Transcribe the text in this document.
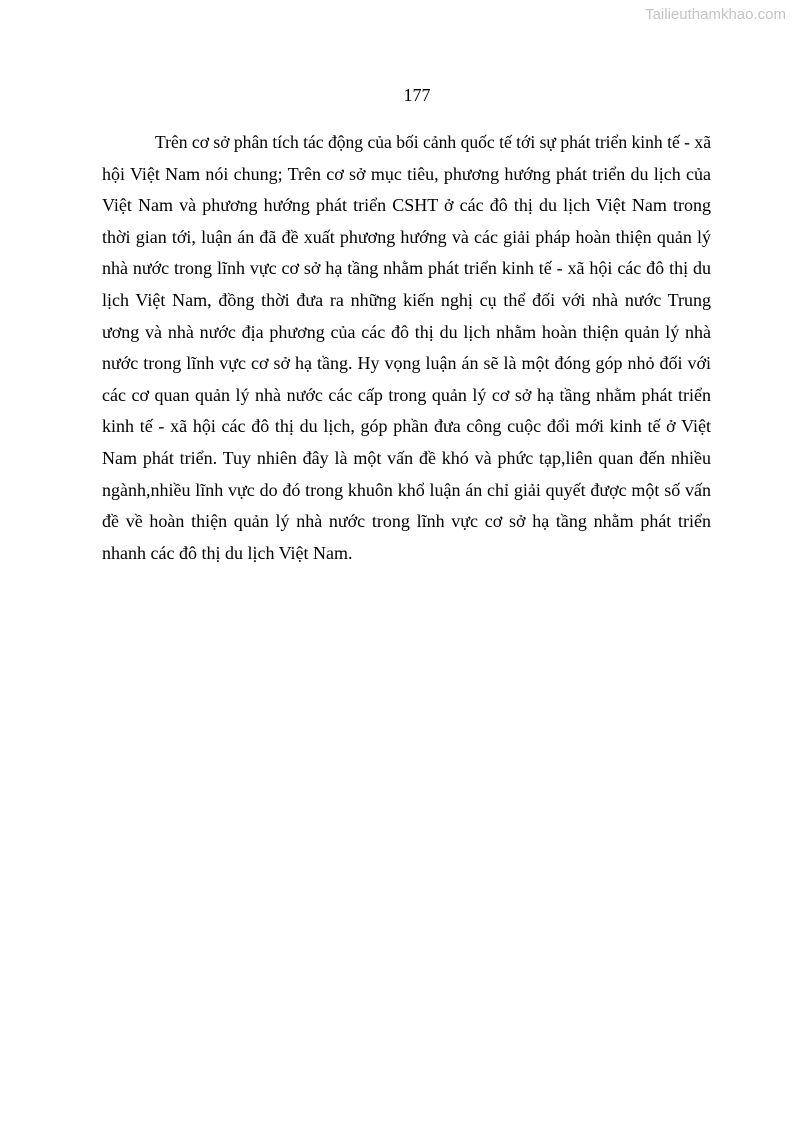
Tailieuthamkhao.com
177
Trên cơ sở phân tích tác động của bối cảnh quốc tế tới sự phát triển kinh tế - xã
hội Việt Nam nói chung; Trên cơ sở mục tiêu, phương hướng phát triển du lịch của
Việt Nam và phương hướng phát triển CSHT ở các đô thị du lịch Việt Nam trong
thời gian tới, luận án đã đề xuất phương hướng và các giải pháp hoàn thiện quản lý
nhà nước trong lĩnh vực cơ sở hạ tầng nhằm phát triển kinh tế - xã hội các đô thị du
lịch Việt Nam, đồng thời đưa ra những kiến nghị cụ thể đối với nhà nước Trung
ương và nhà nước địa phương của các đô thị du lịch nhằm hoàn thiện quản lý nhà
nước trong lĩnh vực cơ sở hạ tầng. Hy vọng luận án sẽ là một đóng góp nhỏ đối với
các cơ quan quản lý nhà nước các cấp trong quản lý cơ sở hạ tầng nhằm phát triển
kinh tế - xã hội các đô thị du lịch, góp phần đưa công cuộc đổi mới kinh tế ở Việt
Nam phát triển. Tuy nhiên đây là một vấn đề khó và phức tạp,liên quan đến nhiều
ngành,nhiều lĩnh vực do đó trong khuôn khổ luận án chỉ giải quyết được một số vấn
đề về hoàn thiện quản lý nhà nước trong lĩnh vực cơ sở hạ tầng nhằm phát triển
nhanh các đô thị du lịch Việt Nam.
